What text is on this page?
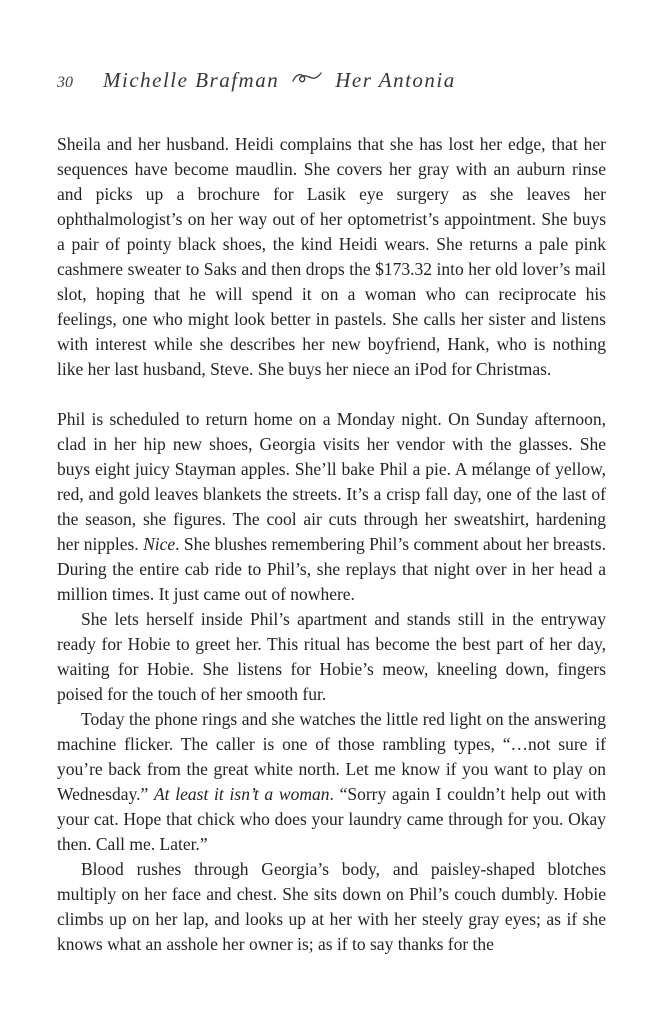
30 Michelle Brafman	Her Antonia

Sheila and her husband. Heidi complains that she has lost her edge, that her sequences have become maudlin. She covers her gray with an auburn rinse and picks up a brochure for Lasik eye surgery as she leaves her ophthalmologist’s on her way out of her optometrist’s appointment. She buys a pair of pointy black shoes, the kind Heidi wears. She returns a pale pink cashmere sweater to Saks and then drops the $173.32 into her old lover’s mail slot, hoping that he will spend it on a woman who can reciprocate his feelings, one who might look better in pastels. She calls her sister and listens with interest while she describes her new boyfriend, Hank, who is nothing like her last husband, Steve. She buys her niece an iPod for Christmas.

Phil is scheduled to return home on a Monday night. On Sunday afternoon, clad in her hip new shoes, Georgia visits her vendor with the glasses. She buys eight juicy Stayman apples. She’ll bake Phil a pie. A mélange of yellow, red, and gold leaves blankets the streets. It’s a crisp fall day, one of the last of the season, she figures. The cool air cuts through her sweatshirt, hardening her nipples. Nice. She blushes remembering Phil’s comment about her breasts. During the entire cab ride to Phil’s, she replays that night over in her head a million times. It just came out of nowhere.

She lets herself inside Phil’s apartment and stands still in the entryway ready for Hobie to greet her. This ritual has become the best part of her day, waiting for Hobie. She listens for Hobie’s meow, kneeling down, fingers poised for the touch of her smooth fur.

Today the phone rings and she watches the little red light on the answering machine flicker. The caller is one of those rambling types, “…not sure if you’re back from the great white north. Let me know if you want to play on Wednesday.” At least it isn’t a woman. “Sorry again I couldn’t help out with your cat. Hope that chick who does your laundry came through for you. Okay then. Call me. Later.”

Blood rushes through Georgia’s body, and paisley-shaped blotches multiply on her face and chest. She sits down on Phil’s couch dumbly. Hobie climbs up on her lap, and looks up at her with her steely gray eyes; as if she knows what an asshole her owner is; as if to say thanks for the
